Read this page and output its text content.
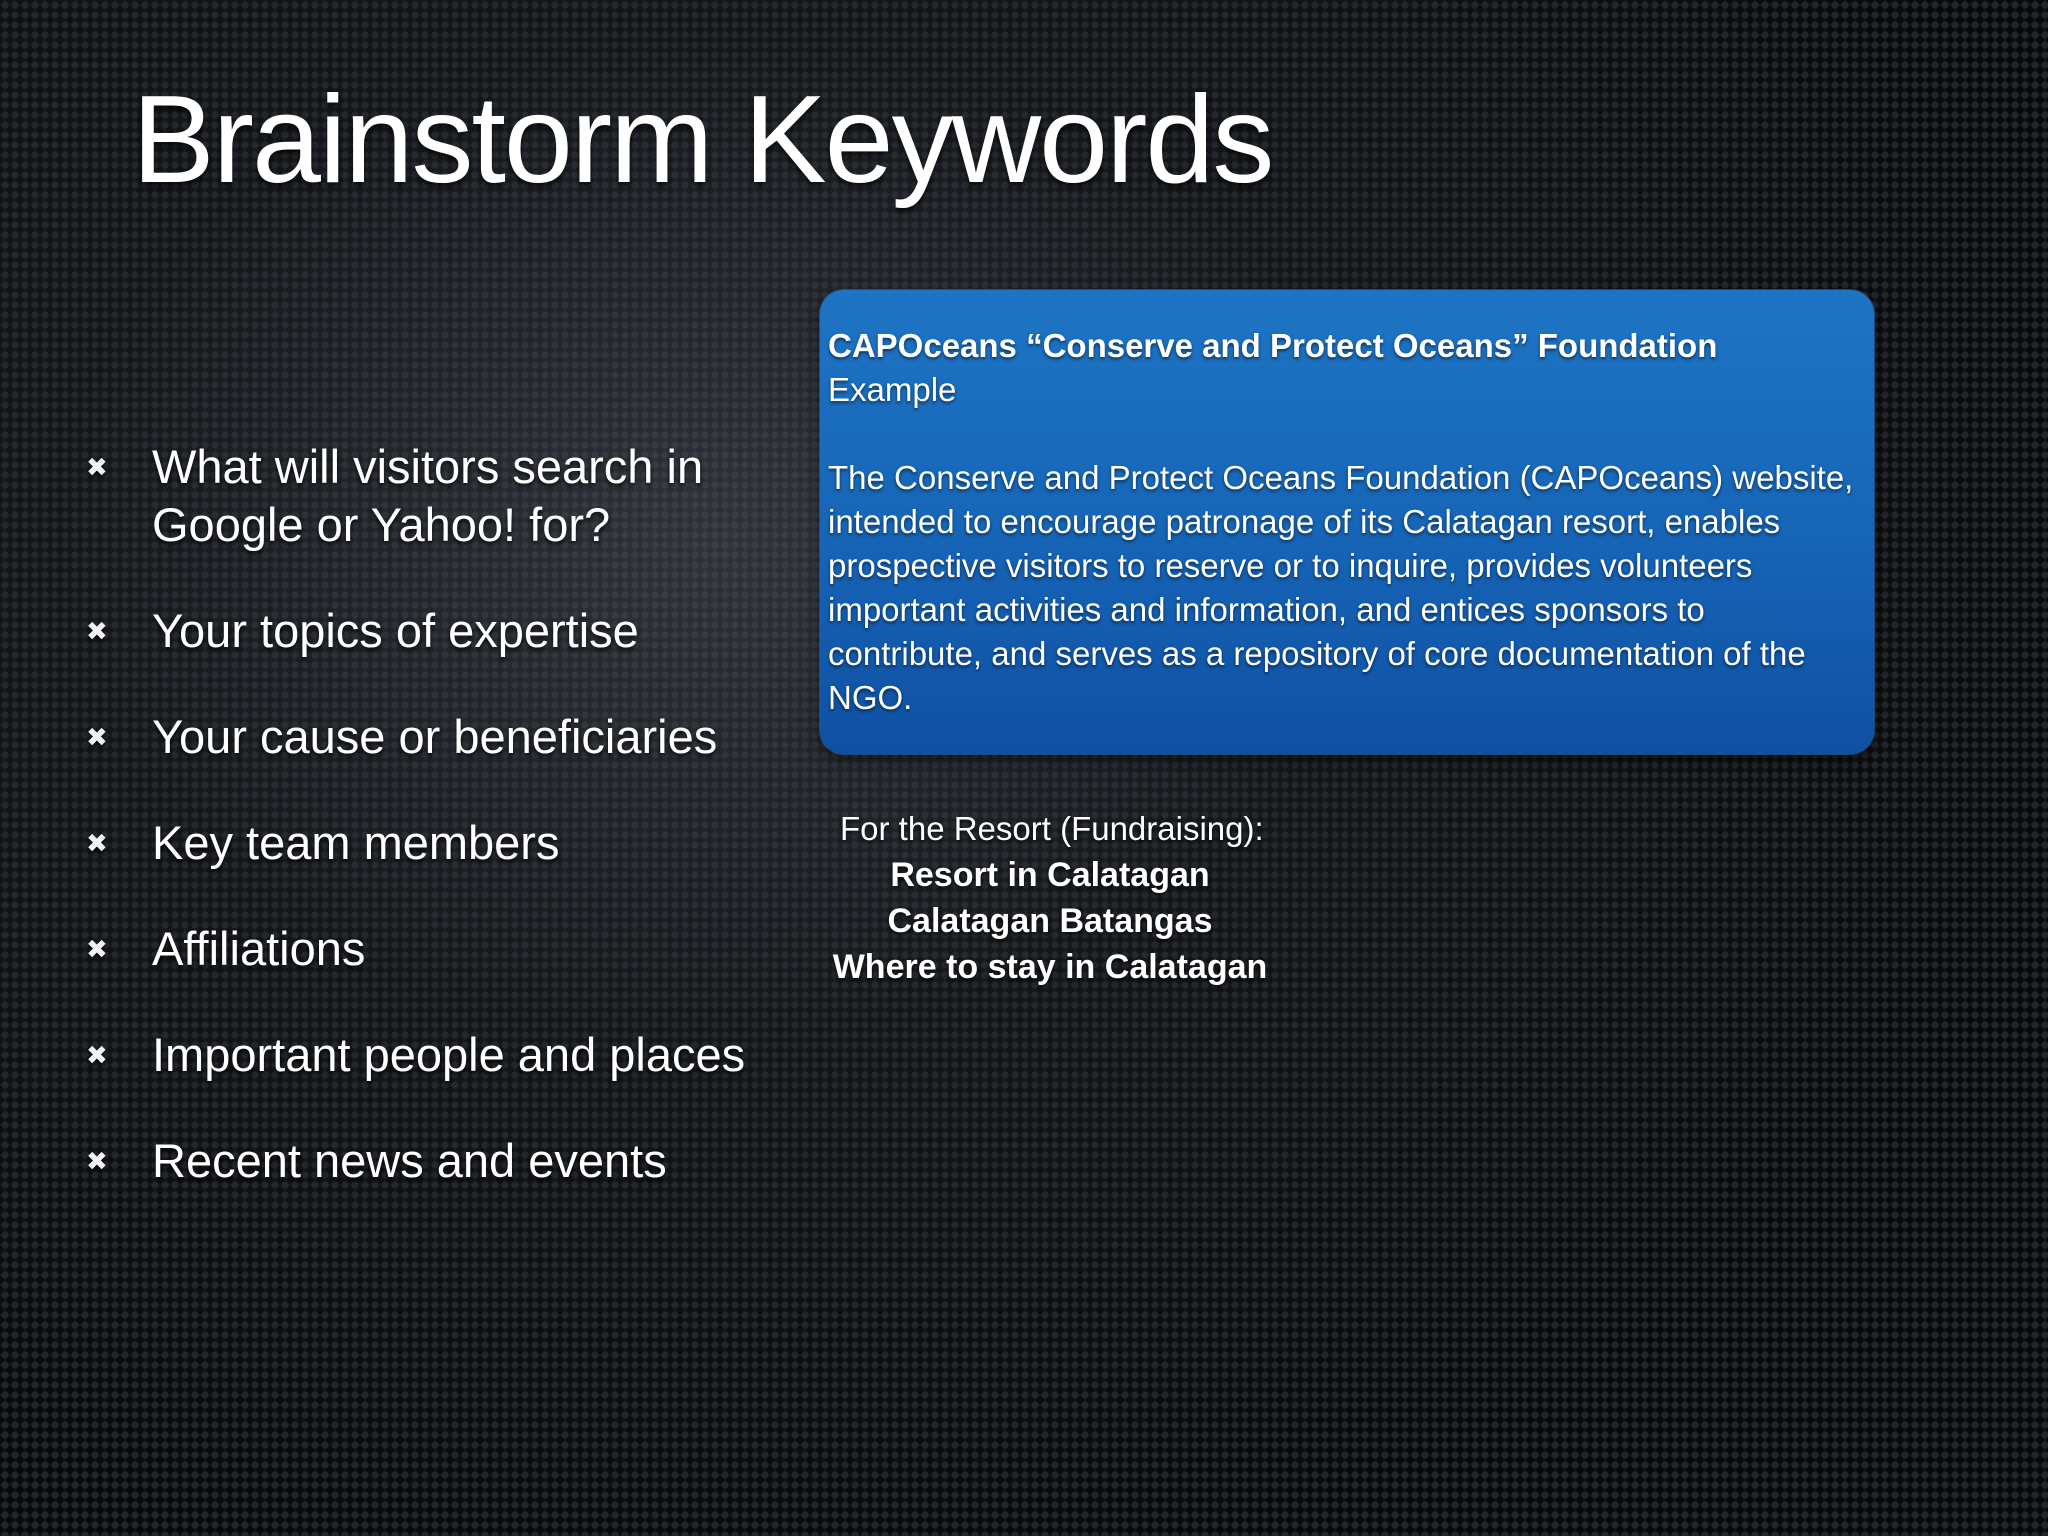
Brainstorm Keywords
✖ What will visitors search in Google or Yahoo! for?
✖ Your topics of expertise
✖ Your cause or beneficiaries
✖ Key team members
✖ Affiliations
✖ Important people and places
✖ Recent news and events
CAPOceans “Conserve and Protect Oceans” Foundation
Example

The Conserve and Protect Oceans Foundation (CAPOceans) website, intended to encourage patronage of its Calatagan resort, enables prospective visitors to reserve or to inquire, provides volunteers important activities and information, and entices sponsors to contribute, and serves as a repository of core documentation of the NGO.

For the Resort (Fundraising):
Resort in Calatagan
Calatagan Batangas
Where to stay in Calatagan
